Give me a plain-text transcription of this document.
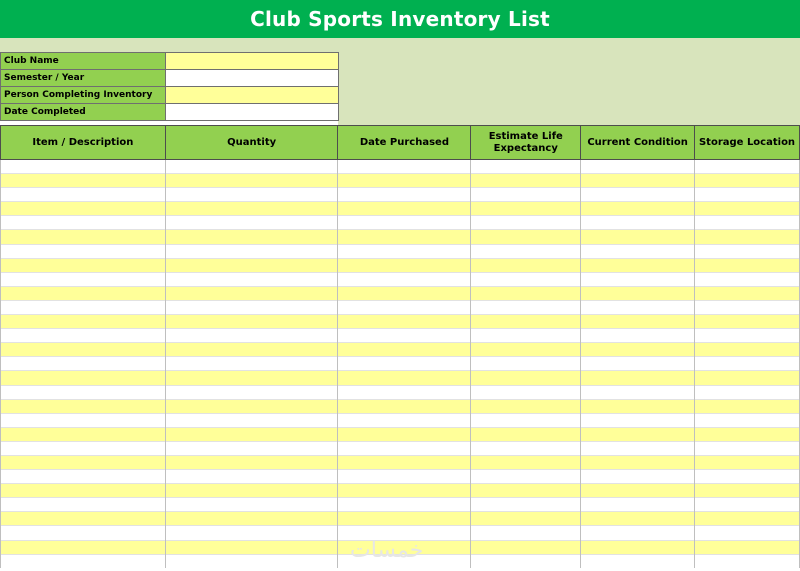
Club Sports Inventory List
Club Name	
Semester / Year	
Person Completing Inventory	
Date Completed	
Item / Description	Quantity	Date Purchased	Estimate Life Expectancy	Current Condition	Storage Location

خمسات
